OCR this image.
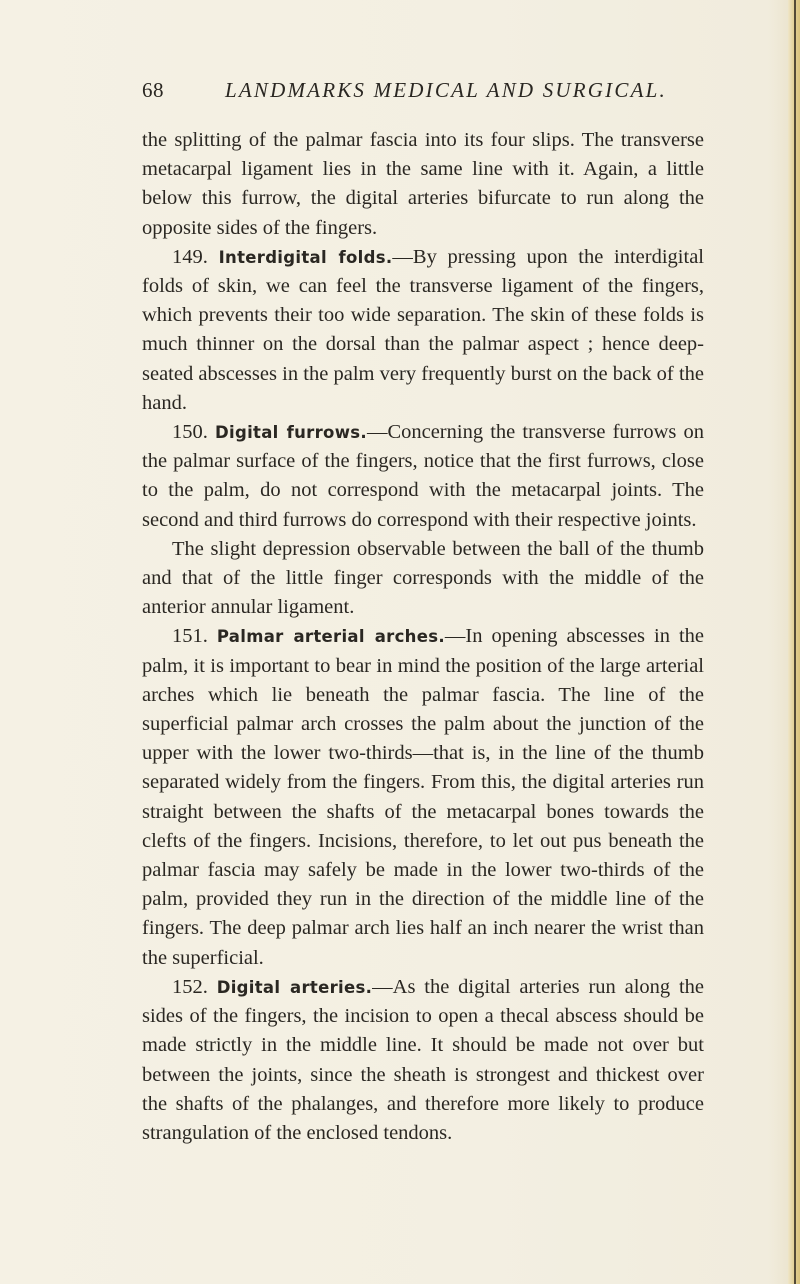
68	LANDMARKS MEDICAL AND SURGICAL.

the splitting of the palmar fascia into its four slips. The transverse metacarpal ligament lies in the same line with it. Again, a little below this furrow, the digital arteries bifurcate to run along the opposite sides of the fingers.

149. Interdigital folds.—By pressing upon the interdigital folds of skin, we can feel the transverse ligament of the fingers, which prevents their too wide separation. The skin of these folds is much thinner on the dorsal than the palmar aspect ; hence deep-seated abscesses in the palm very frequently burst on the back of the hand.

150. Digital furrows.—Concerning the transverse furrows on the palmar surface of the fingers, notice that the first furrows, close to the palm, do not correspond with the metacarpal joints. The second and third furrows do correspond with their respective joints.

The slight depression observable between the ball of the thumb and that of the little finger corresponds with the middle of the anterior annular ligament.

151. Palmar arterial arches.—In opening abscesses in the palm, it is important to bear in mind the position of the large arterial arches which lie beneath the palmar fascia. The line of the superficial palmar arch crosses the palm about the junction of the upper with the lower two-thirds—that is, in the line of the thumb separated widely from the fingers. From this, the digital arteries run straight between the shafts of the metacarpal bones towards the clefts of the fingers. Incisions, therefore, to let out pus beneath the palmar fascia may safely be made in the lower two-thirds of the palm, provided they run in the direction of the middle line of the fingers. The deep palmar arch lies half an inch nearer the wrist than the superficial.

152. Digital arteries.—As the digital arteries run along the sides of the fingers, the incision to open a thecal abscess should be made strictly in the middle line. It should be made not over but between the joints, since the sheath is strongest and thickest over the shafts of the phalanges, and therefore more likely to produce strangulation of the enclosed tendons.
